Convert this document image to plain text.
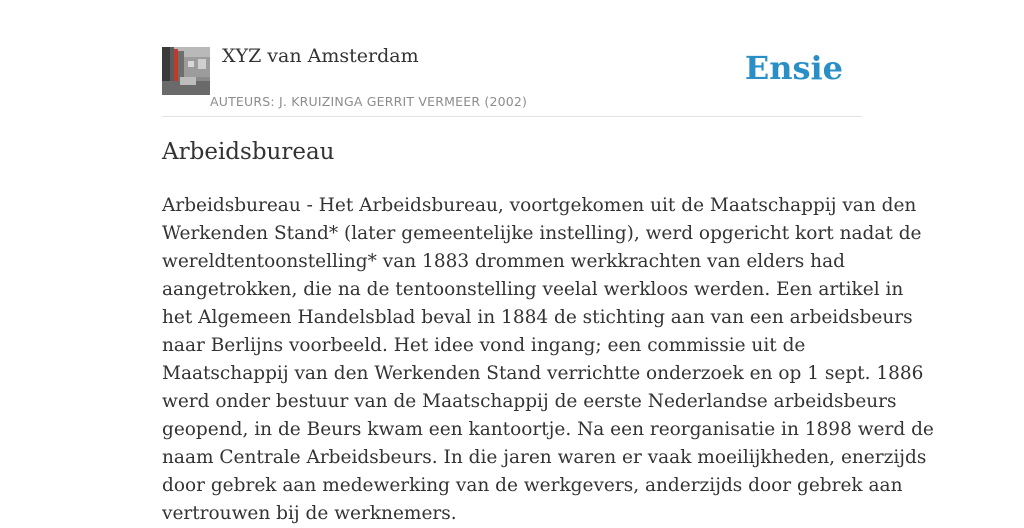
XYZ van Amsterdam
AUTEURS: J. KRUIZINGA GERRIT VERMEER (2002)
Ensie
Arbeidsbureau
Arbeidsbureau - Het Arbeidsbureau, voortgekomen uit de Maatschappij van den
Werkenden Stand* (later gemeentelijke instelling), werd opgericht kort nadat de
wereldtentoonstelling* van 1883 drommen werkkrachten van elders had
aangetrokken, die na de tentoonstelling veelal werkloos werden. Een artikel in
het Algemeen Handelsblad beval in 1884 de stichting aan van een arbeidsbeurs
naar Berlijns voorbeeld. Het idee vond ingang; een commissie uit de
Maatschappij van den Werkenden Stand verrichtte onderzoek en op 1 sept. 1886
werd onder bestuur van de Maatschappij de eerste Nederlandse arbeidsbeurs
geopend, in de Beurs kwam een kantoortje. Na een reorganisatie in 1898 werd de
naam Centrale Arbeidsbeurs. In die jaren waren er vaak moeilijkheden, enerzijds
door gebrek aan medewerking van de werkgevers, anderzijds door gebrek aan
vertrouwen bij de werknemers.
